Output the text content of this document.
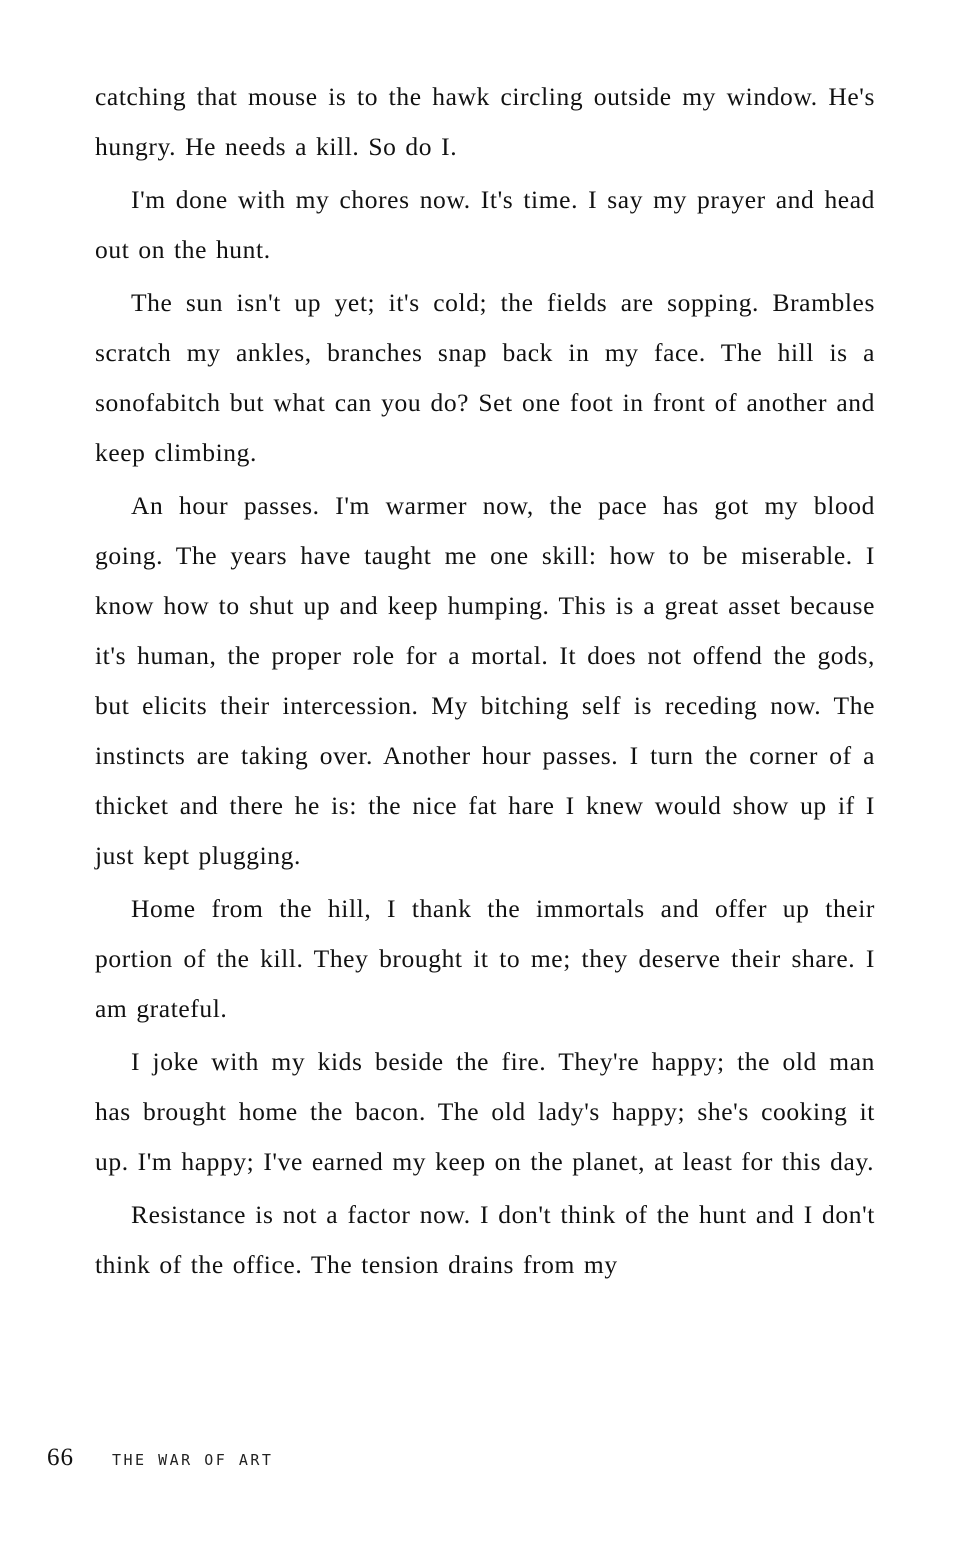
catching that mouse is to the hawk circling outside my window. He's hungry. He needs a kill. So do I.

I'm done with my chores now. It's time. I say my prayer and head out on the hunt.

The sun isn't up yet; it's cold; the fields are sopping. Brambles scratch my ankles, branches snap back in my face. The hill is a sonofabitch but what can you do? Set one foot in front of another and keep climbing.

An hour passes. I'm warmer now, the pace has got my blood going. The years have taught me one skill: how to be miserable. I know how to shut up and keep humping. This is a great asset because it's human, the proper role for a mortal. It does not offend the gods, but elicits their intercession. My bitching self is receding now. The instincts are taking over. Another hour passes. I turn the corner of a thicket and there he is: the nice fat hare I knew would show up if I just kept plugging.

Home from the hill, I thank the immortals and offer up their portion of the kill. They brought it to me; they deserve their share. I am grateful.

I joke with my kids beside the fire. They're happy; the old man has brought home the bacon. The old lady's happy; she's cooking it up. I'm happy; I've earned my keep on the planet, at least for this day.

Resistance is not a factor now. I don't think of the hunt and I don't think of the office. The tension drains from my

66	THE WAR OF ART
